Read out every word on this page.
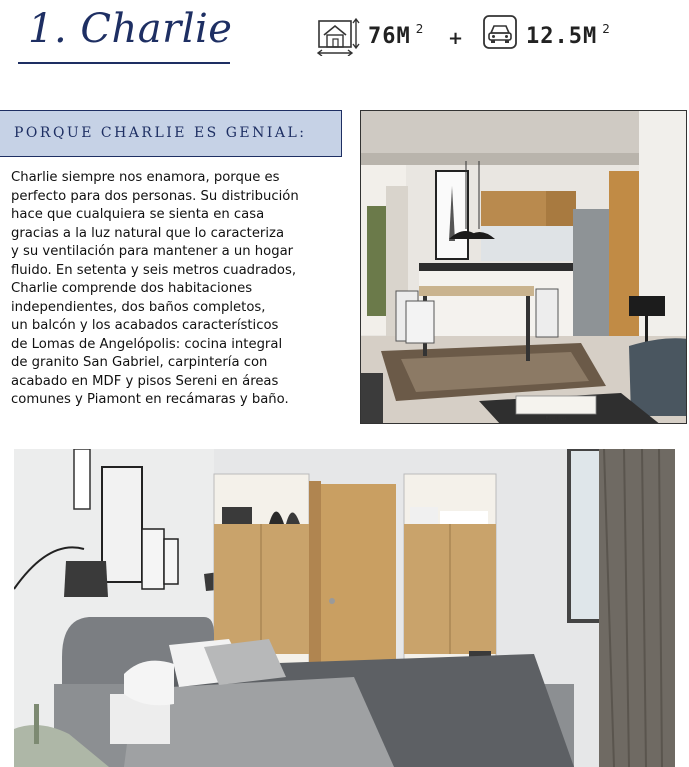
1. Charlie	76M 2 +	12.5M 2
PORQUE CHARLIE ES GENIAL:
Charlie siempre nos enamora, porque es
perfecto para dos personas. Su distribución
hace que cualquiera se sienta en casa
gracias a la luz natural que lo caracteriza
y su ventilación para mantener a un hogar
fluido. En setenta y seis metros cuadrados,
Charlie comprende dos habitaciones
independientes, dos baños completos,
un balcón y los acabados característicos
de Lomas de Angelópolis: cocina integral
de granito San Gabriel, carpintería con
acabado en MDF y pisos Sereni en áreas
comunes y Piamont en recámaras y baño.
FINDING
